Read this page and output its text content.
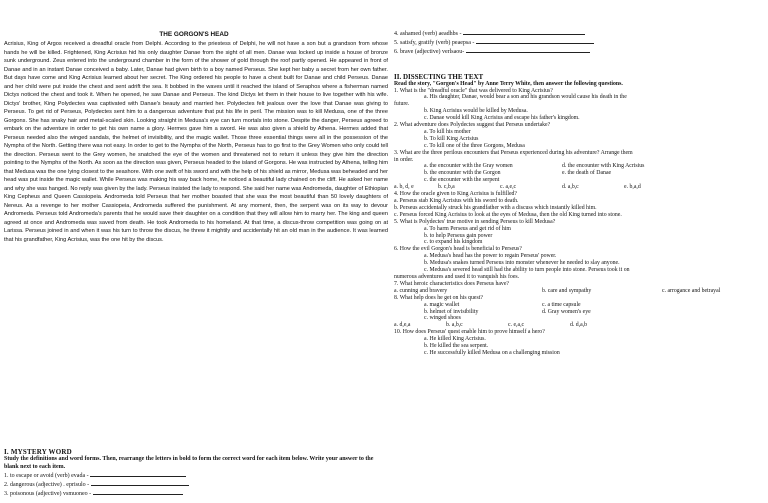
THE GORGON'S HEAD

Acrisius, King of Argos received a dreadful oracle from Delphi. According to the priestess of Delphi, he will not have a son but a grandson from whose hands he will be killed. Frightened, King Acrisius hid his only daughter Danae from the sight of all men. Danae was locked up inside a house of bronze sunk underground. Zeus entered into the underground chamber in the form of the shower of gold through the roof partly opened. He appeared in front of Danae and in an instant Danae conceived a baby. Later, Danae had given birth to a boy named Perseus. She kept her baby a secret from her own father. But days have come and King Acrisius learned about her secret. The King ordered his people to have a chest built for Danae and child Perseus. Danae and her child were put inside the chest and sent adrift the sea. It bobbed in the waves until it reached the island of Seraphos where a fisherman named Dictys noticed the chest and took it. When he opened, he saw Danae and Perseus. The kind Dictys let them in their house to live together with his wife. Dictys' brother, King Polydectes was captivated with Danae's beauty and married her. Polydectes felt jealous over the love that Danae was giving to Perseus. To get rid of Perseus, Polydectes sent him to a dangerous adventure that put his life in peril. The mission was to kill Medusa, one of the three Gorgons. She has snaky hair and metal-scaled skin. Looking straight in Medusa's eye can turn mortals into stone. Despite the danger, Perseus agreed to embark on the adventure in order to get his own name a glory. Hermes gave him a sword. He was also given a shield by Athena. Hermes added that Perseus needed also the winged sandals, the helmet of invisibility, and the magic wallet. Those three essential things were all in the possession of the Nymphs of the North. Getting there was not easy. In order to get to the Nymphs of the North, Perseus has to go first to the Grey Women who only could tell the direction. Perseus went to the Grey women, he snatched the eye of the women and threatened not to return it unless they give him the direction pointing to the Nymphs of the North. As soon as the direction was given, Perseus headed to the island of Gorgons. He was instructed by Athena, telling him that Medusa was the one lying closest to the seashore. With one swift of his sword and with the help of his shield as mirror, Medusa was beheaded and her head was put inside the magic wallet. While Perseus was making his way back home, he noticed a beautiful lady chained on the cliff. He asked her name and why she was hanged. No reply was given by the lady. Perseus insisted the lady to respond. She said her name was Andromeda, daughter of Ethiopian King Cepheus and Queen Cassiopeia. Andromeda told Perseus that her mother boasted that she was the most beautiful than 50 lovely daughters of Nereus. As a revenge to her mother Cassiopeia, Andromeda suffered the punishment. At any moment, then, the serpent was on its way to devour Andromeda. Perseus told Andromeda's parents that he would save their daughter on a condition that they will allow him to marry her. The king and queen agreed at once and Andromeda was saved from death. He took Andromeda to his homeland. At that time, a discus-throw competition was going on at Larissa. Perseus joined in and when it was his turn to throw the discus, he threw it mightily and accidentally hit an old man in the audience. It was learned that his grandfather, King Acrisius, was the one hit by the discus.

I. MYSTERY WORD
Study the definitions and word forms. Then, rearrange the letters in bold to form the correct word for each item below. Write your answer to the blank next to each item.
1. to escape or avoid (verb) evada -
2. dangerous (adjective) . eprisulo -
3. poisonous (adjective) vsmuoneo -
4. ashamed (verb) aeadhbs -
5. satisfy, gratify (verb) peaepsa -
6. brave (adjective) verlsaou-
II. DISSECTING THE TEXT
Read the story, "Gorgon's Head" by Anne Terry White, then answer the following questions.
1. What is the "dreadful oracle" that was delivered to King Acrisius?
a. His daughter, Danae, would bear a son and his grandson would cause his death in the
future.
b. King Acrisius would be killed by Medusa.
c. Danae would kill King Acrisius and escape his father's kingdom.
2. What adventure does Polydectes suggest that Perseus undertake?
a. To kill his mother
b. To kill King Acrisius
c. To kill one of the three Gorgons, Medusa
3. What are the three perilous encounters that Perseus experienced during his adventure? Arrange them
in order.
a. the encounter with the Gray women	d. the encounter with King Acrisius
b. the encounter with the Gorgon	e. the death of Danae
c. the encounter with the serpent
a. b, d, e	b. c,b,a	c. a,e,c	d. a,b,c	e. b,a,d
4. How the oracle given to King Acrisius is fulfilled?
a. Perseus stab King Acrisius with his sword to death.
b. Perseus accidentally struck his grandfather with a discuss which instantly killed him.
c. Perseus forced King Acrisius to look at the eyes of Medusa, then the old King turned into stone.
5. What is Polydectes' true motive in sending Perseus to kill Medusa?
a. To harm Perseus and get rid of him
b. to help Perseus gain power
c. to expand his kingdom
6. How the evil Gorgon's head is beneficial to Perseus?
a. Medusa's head has the power to regain Perseus' power.
b. Medusa's snakes turned Perseus into monster whenever he needed to slay anyone.
c. Medusa's severed head still had the ability to turn people into stone. Perseus took it on
numerous adventures and used it to vanquish his foes.
7. What heroic characteristics does Perseus have?
a. cunning and bravery	b. care and sympathy	c. arrogance and betrayal
8. What help does he get on his quest?
a. magic wallet	c. a time capsule
b. helmet of invisibility	d. Gray women's eye
c. winged shoes
a. d,e,a	b. a,b,c	c. e,a,c	d. d,a,b
10. How does Perseus' quest enable him to prove himself a hero?
a. He killed King Acrisius.
b. He killed the sea serpent.
c. He successfully killed Medusa on a challenging mission
